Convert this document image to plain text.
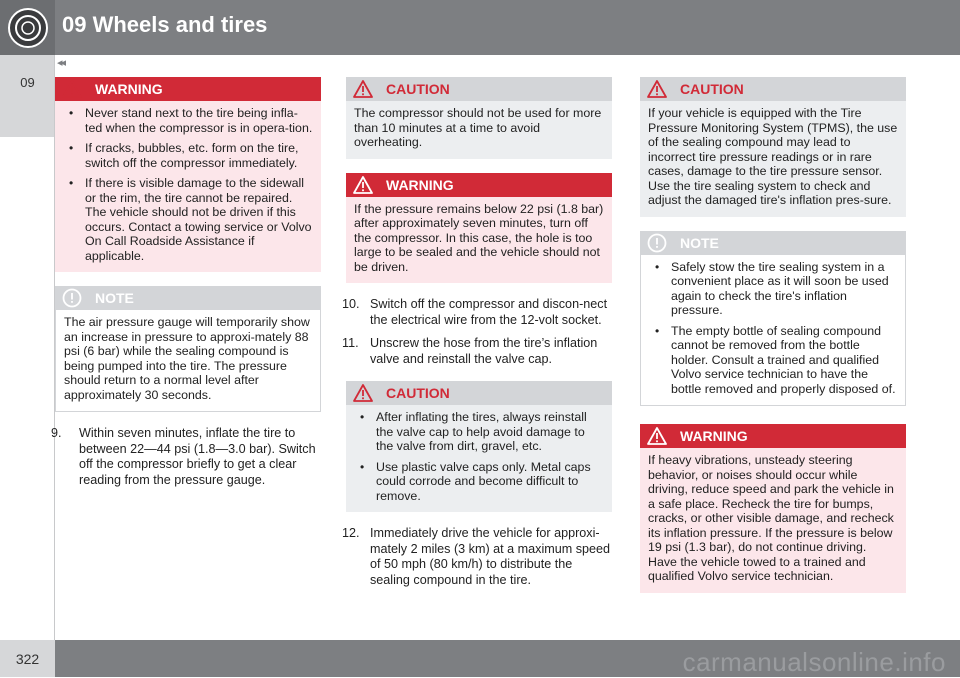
09 Wheels and tires
◂◂
09	WARNING
• Never stand next to the tire being infla-ted when the compressor is in opera-tion.
• If cracks, bubbles, etc. form on the tire, switch off the compressor immediately.
• If there is visible damage to the sidewall or the rim, the tire cannot be repaired. The vehicle should not be driven if this occurs. Contact a towing service or Volvo On Call Roadside Assistance if applicable.
NOTE

The air pressure gauge will temporarily show an increase in pressure to approxi-mately 88 psi (6 bar) while the sealing compound is being pumped into the tire. The pressure should return to a normal level after approximately 30 seconds.

9. Within seven minutes, inflate the tire to between 22—44 psi (1.8—3.0 bar). Switch off the compressor briefly to get a clear reading from the pressure gauge.
CAUTION

The compressor should not be used for more than 10 minutes at a time to avoid overheating.

WARNING

If the pressure remains below 22 psi (1.8 bar) after approximately seven minutes, turn off the compressor. In this case, the hole is too large to be sealed and the vehicle should not be driven.

10. Switch off the compressor and discon-nect the electrical wire from the 12-volt socket.
11. Unscrew the hose from the tire’s inflation valve and reinstall the valve cap.
CAUTION
• After inflating the tires, always reinstall the valve cap to help avoid damage to the valve from dirt, gravel, etc.
• Use plastic valve caps only. Metal caps could corrode and become difficult to remove.
12. Immediately drive the vehicle for approxi-mately 2 miles (3 km) at a maximum speed of 50 mph (80 km/h) to distribute the sealing compound in the tire.
CAUTION

If your vehicle is equipped with the Tire Pressure Monitoring System (TPMS), the use of the sealing compound may lead to incorrect tire pressure readings or in rare cases, damage to the tire pressure sensor. Use the tire sealing system to check and adjust the damaged tire's inflation pres-sure.

NOTE
• Safely stow the tire sealing system in a convenient place as it will soon be used again to check the tire's inflation pressure.
• The empty bottle of sealing compound cannot be removed from the bottle holder. Consult a trained and qualified Volvo service technician to have the bottle removed and properly disposed of.
WARNING

If heavy vibrations, unsteady steering behavior, or noises should occur while driving, reduce speed and park the vehicle in a safe place. Recheck the tire for bumps, cracks, or other visible damage, and recheck its inflation pressure. If the pressure is below 19 psi (1.3 bar), do not continue driving. Have the vehicle towed to a trained and qualified Volvo service technician.

322	carmanualsonline.info
